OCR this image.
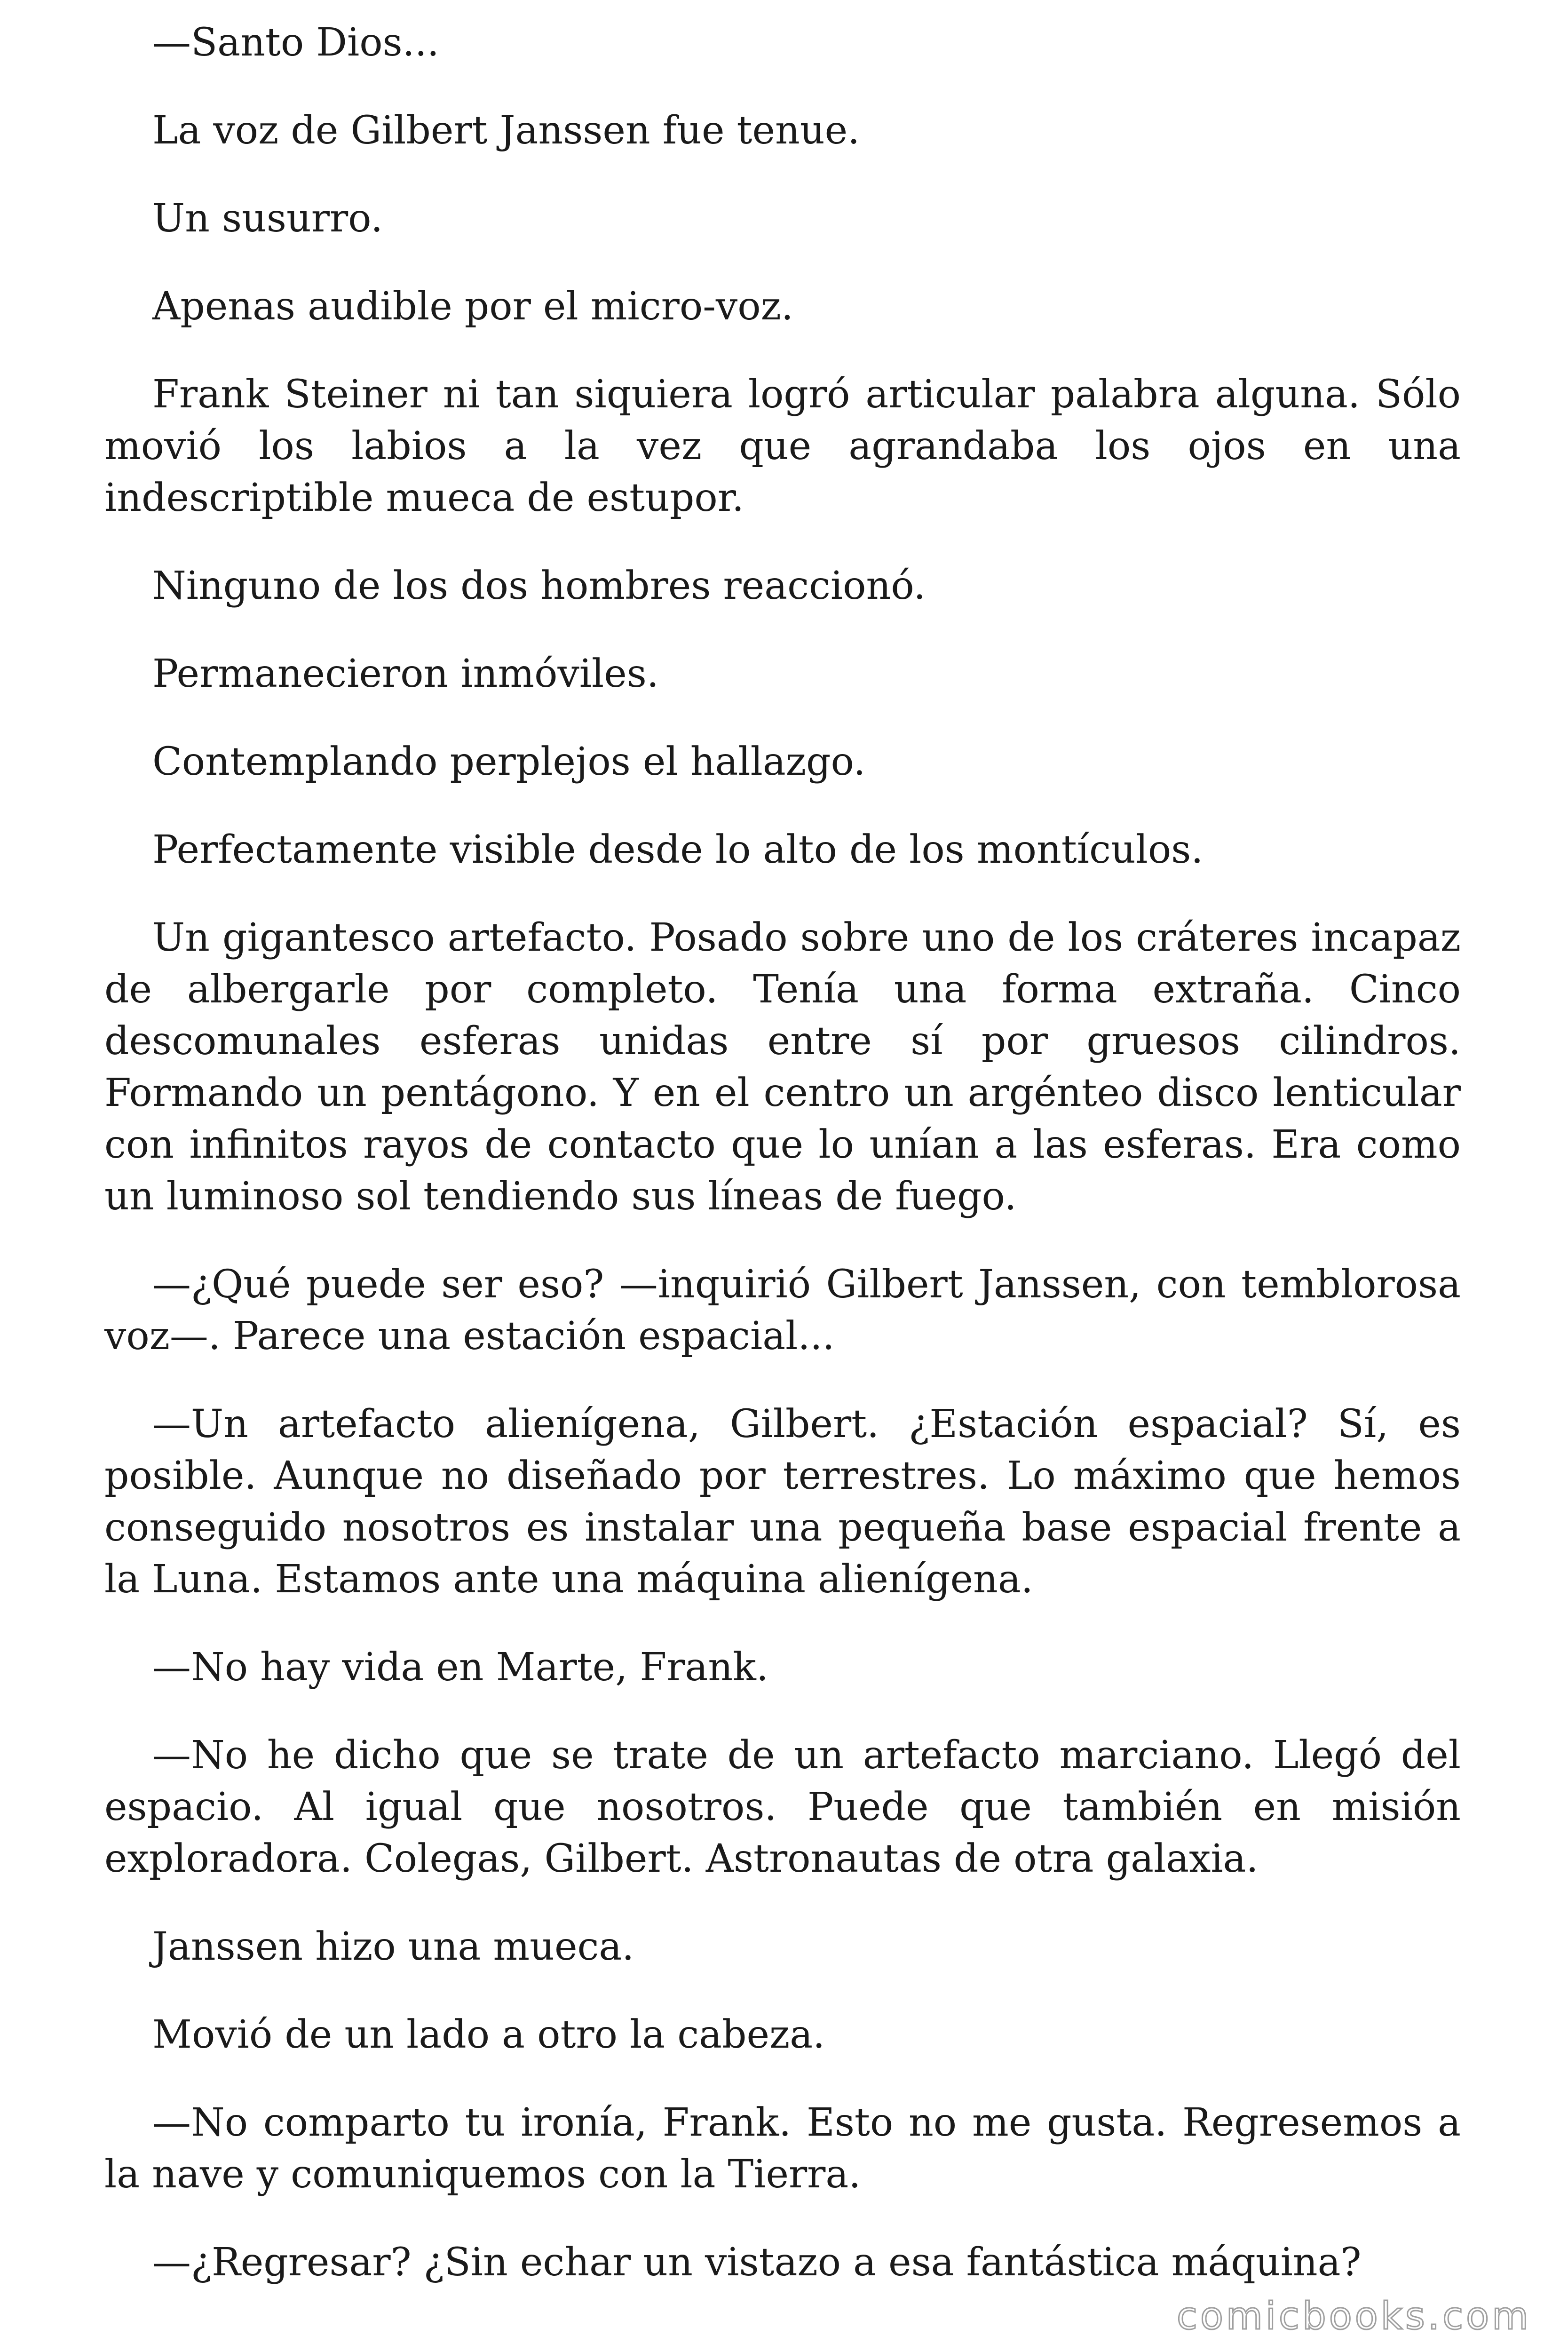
—Santo Dios...

La voz de Gilbert Janssen fue tenue.

Un susurro.

Apenas audible por el micro-voz.

Frank Steiner ni tan siquiera logró articular palabra alguna. Sólo movió los labios a la vez que agrandaba los ojos en una indescriptible mueca de estupor.

Ninguno de los dos hombres reaccionó.

Permanecieron inmóviles.

Contemplando perplejos el hallazgo.

Perfectamente visible desde lo alto de los montículos.

Un gigantesco artefacto. Posado sobre uno de los cráteres incapaz de albergarle por completo. Tenía una forma extraña. Cinco descomunales esferas unidas entre sí por gruesos cilindros. Formando un pentágono. Y en el centro un argénteo disco lenticular con infinitos rayos de contacto que lo unían a las esferas. Era como un luminoso sol tendiendo sus líneas de fuego.

—¿Qué puede ser eso? —inquirió Gilbert Janssen, con temblorosa voz—. Parece una estación espacial...

—Un artefacto alienígena, Gilbert. ¿Estación espacial? Sí, es posible. Aunque no diseñado por terrestres. Lo máximo que hemos conseguido nosotros es instalar una pequeña base espacial frente a la Luna. Estamos ante una máquina alienígena.

—No hay vida en Marte, Frank.

—No he dicho que se trate de un artefacto marciano. Llegó del espacio. Al igual que nosotros. Puede que también en misión exploradora. Colegas, Gilbert. Astronautas de otra galaxia.

Janssen hizo una mueca.

Movió de un lado a otro la cabeza.

—No comparto tu ironía, Frank. Esto no me gusta. Regresemos a la nave y comuniquemos con la Tierra.

—¿Regresar? ¿Sin echar un vistazo a esa fantástica máquina?

comicbooks.com
